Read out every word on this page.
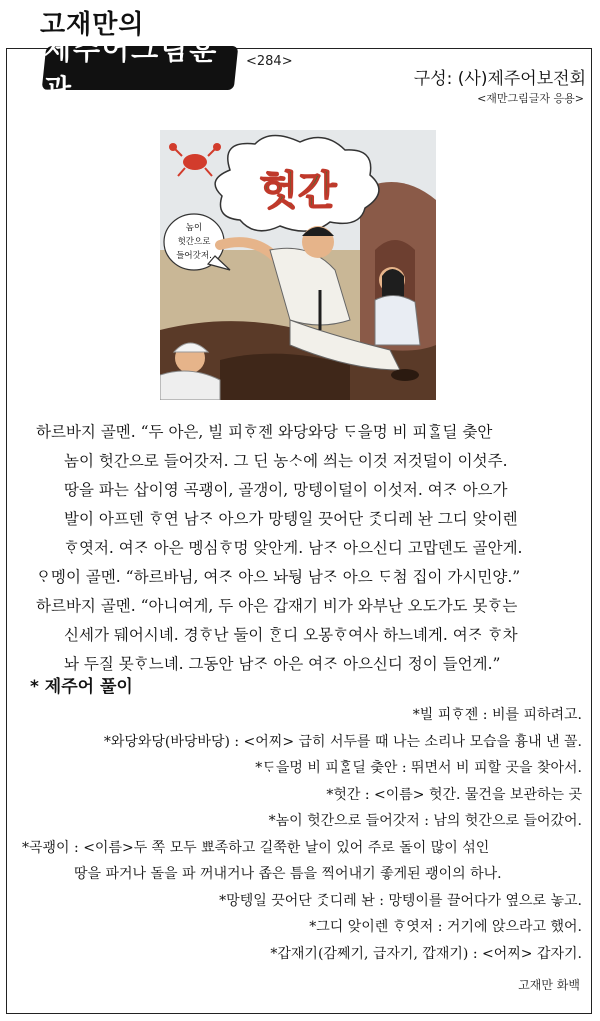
고재만의
제주어그림훈관
<284>
구성: (사)제주어보전회
<재만그림글자 응용>
헛간
놈이
헛간으로
들어갓저.

하르바지 골멘. “두 아은, 빌 피ᄒᆞ젠 와당와당 ᄃᆞ을멍 비 피ᄒᆞᆯ딜 춪안

놈이 헛간으로 들어갓저. 그 딘 농ᄉᆞ에 씌는 이것 저것덜이 이섯주.

땅을 파는 삽이영 곡괭이, 골갱이, 망텡이덜이 이섯저. 여ᄌᆞ 아으가

발이 아프덴 ᄒᆞ연 남ᄌᆞ 아으가 망텡일 끗어단 ᄌᆞᆺ디레 놘 그디 앚이렌

ᄒᆞ엿저. 여ᄌᆞ 아은 멩심ᄒᆞ멍 앚안게. 남ᄌᆞ 아으신디 고맙덴도 골안게.

ᄋᆞ멩이 골멘. “하르바님, 여ᄌᆞ 아으 놔뒁 남ᄌᆞ 아으 ᄃᆞ첨 집이 가시민양.”

하르바지 골멘. “아니여게, 두 아은 갑재기 비가 와부난 오도가도 못ᄒᆞ는

신세가 뒈어시녜. 경ᄒᆞ난 둘이 ᄒᆞᆫ디 오몽ᄒᆞ여사 하느녜게. 여ᄌᆞ ᄒᆞ차

놔 두질 못ᄒᆞ느녜. 그동안 남ᄌᆞ 아은 여ᄌᆞ 아으신디 정이 들언게.”

* 제주어 풀이

*빌 피ᄒᆞ젠 : 비를 피하려고.

*와당와당(바당바당) : <어찌> 급히 서두를 때 나는 소리나 모습을 흉내 낸 꼴.

*ᄃᆞ을멍 비 피ᄒᆞᆯ딜 춪안 : 뛰면서 비 피할 곳을 찾아서.

*헛간 : <이름> 헛간. 물건을 보관하는 곳

*놈이 헛간으로 들어갓저 : 남의 헛간으로 들어갔어.

*곡괭이 : <이름>두 쪽 모두 뾰족하고 길쭉한 날이 있어 주로 돌이 많이 섞인

땅을 파거나 돌을 파 꺼내거나 좁은 틈을 찍어내기 좋게된 괭이의 하나.

*망텡일 끗어단 ᄌᆞᆺ디레 놘 : 망텡이를 끌어다가 옆으로 놓고.

*그디 앚이렌 ᄒᆞ엿저 : 거기에 앉으라고 했어.

*갑재기(감쩨기, 급자기, 깝재기) : <어찌> 갑자기.

고재만 화백
